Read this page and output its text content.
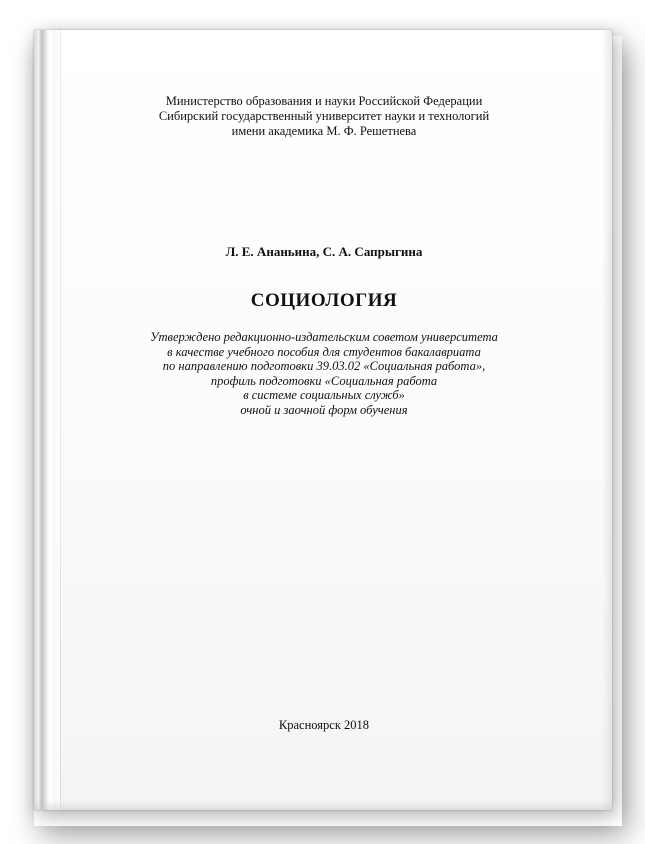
Министерство образования и науки Российской Федерации
Сибирский государственный университет науки и технологий
имени академика М. Ф. Решетнева
Л. Е. Ананьина, С. А. Сапрыгина
СОЦИОЛОГИЯ
Утверждено редакционно-издательским советом университета
в качестве учебного пособия для студентов бакалавриата
по направлению подготовки 39.03.02 «Социальная работа»,
профиль подготовки «Социальная работа
в системе социальных служб»
очной и заочной форм обучения
Красноярск 2018
